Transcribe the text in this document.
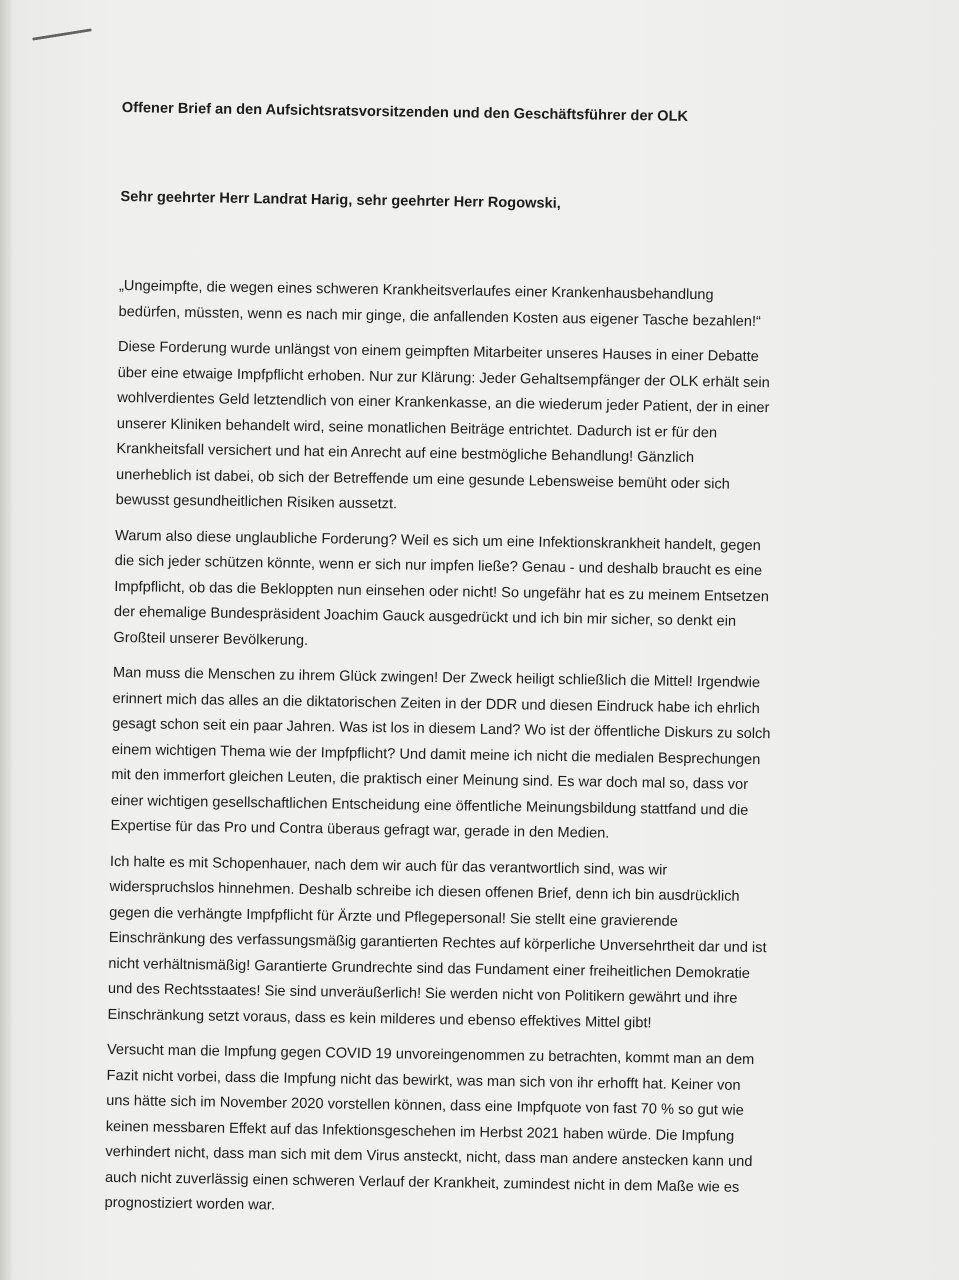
Offener Brief an den Aufsichtsratsvorsitzenden und den Geschäftsführer der OLK
Sehr geehrter Herr Landrat Harig, sehr geehrter Herr Rogowski,
„Ungeimpfte, die wegen eines schweren Krankheitsverlaufes einer Krankenhausbehandlung
bedürfen, müssten, wenn es nach mir ginge, die anfallenden Kosten aus eigener Tasche bezahlen!“
Diese Forderung wurde unlängst von einem geimpften Mitarbeiter unseres Hauses in einer Debatte
über eine etwaige Impfpflicht erhoben. Nur zur Klärung: Jeder Gehaltsempfänger der OLK erhält sein
wohlverdientes Geld letztendlich von einer Krankenkasse, an die wiederum jeder Patient, der in einer
unserer Kliniken behandelt wird, seine monatlichen Beiträge entrichtet. Dadurch ist er für den
Krankheitsfall versichert und hat ein Anrecht auf eine bestmögliche Behandlung! Gänzlich
unerheblich ist dabei, ob sich der Betreffende um eine gesunde Lebensweise bemüht oder sich
bewusst gesundheitlichen Risiken aussetzt.
Warum also diese unglaubliche Forderung? Weil es sich um eine Infektionskrankheit handelt, gegen
die sich jeder schützen könnte, wenn er sich nur impfen ließe? Genau - und deshalb braucht es eine
Impfpflicht, ob das die Bekloppten nun einsehen oder nicht! So ungefähr hat es zu meinem Entsetzen
der ehemalige Bundespräsident Joachim Gauck ausgedrückt und ich bin mir sicher, so denkt ein
Großteil unserer Bevölkerung.
Man muss die Menschen zu ihrem Glück zwingen! Der Zweck heiligt schließlich die Mittel! Irgendwie
erinnert mich das alles an die diktatorischen Zeiten in der DDR und diesen Eindruck habe ich ehrlich
gesagt schon seit ein paar Jahren. Was ist los in diesem Land? Wo ist der öffentliche Diskurs zu solch
einem wichtigen Thema wie der Impfpflicht? Und damit meine ich nicht die medialen Besprechungen
mit den immerfort gleichen Leuten, die praktisch einer Meinung sind. Es war doch mal so, dass vor
einer wichtigen gesellschaftlichen Entscheidung eine öffentliche Meinungsbildung stattfand und die
Expertise für das Pro und Contra überaus gefragt war, gerade in den Medien.
Ich halte es mit Schopenhauer, nach dem wir auch für das verantwortlich sind, was wir
widerspruchslos hinnehmen. Deshalb schreibe ich diesen offenen Brief, denn ich bin ausdrücklich
gegen die verhängte Impfpflicht für Ärzte und Pflegepersonal! Sie stellt eine gravierende
Einschränkung des verfassungsmäßig garantierten Rechtes auf körperliche Unversehrtheit dar und ist
nicht verhältnismäßig! Garantierte Grundrechte sind das Fundament einer freiheitlichen Demokratie
und des Rechtsstaates! Sie sind unveräußerlich! Sie werden nicht von Politikern gewährt und ihre
Einschränkung setzt voraus, dass es kein milderes und ebenso effektives Mittel gibt!
Versucht man die Impfung gegen COVID 19 unvoreingenommen zu betrachten, kommt man an dem
Fazit nicht vorbei, dass die Impfung nicht das bewirkt, was man sich von ihr erhofft hat. Keiner von
uns hätte sich im November 2020 vorstellen können, dass eine Impfquote von fast 70 % so gut wie
keinen messbaren Effekt auf das Infektionsgeschehen im Herbst 2021 haben würde. Die Impfung
verhindert nicht, dass man sich mit dem Virus ansteckt, nicht, dass man andere anstecken kann und
auch nicht zuverlässig einen schweren Verlauf der Krankheit, zumindest nicht in dem Maße wie es
prognostiziert worden war.
